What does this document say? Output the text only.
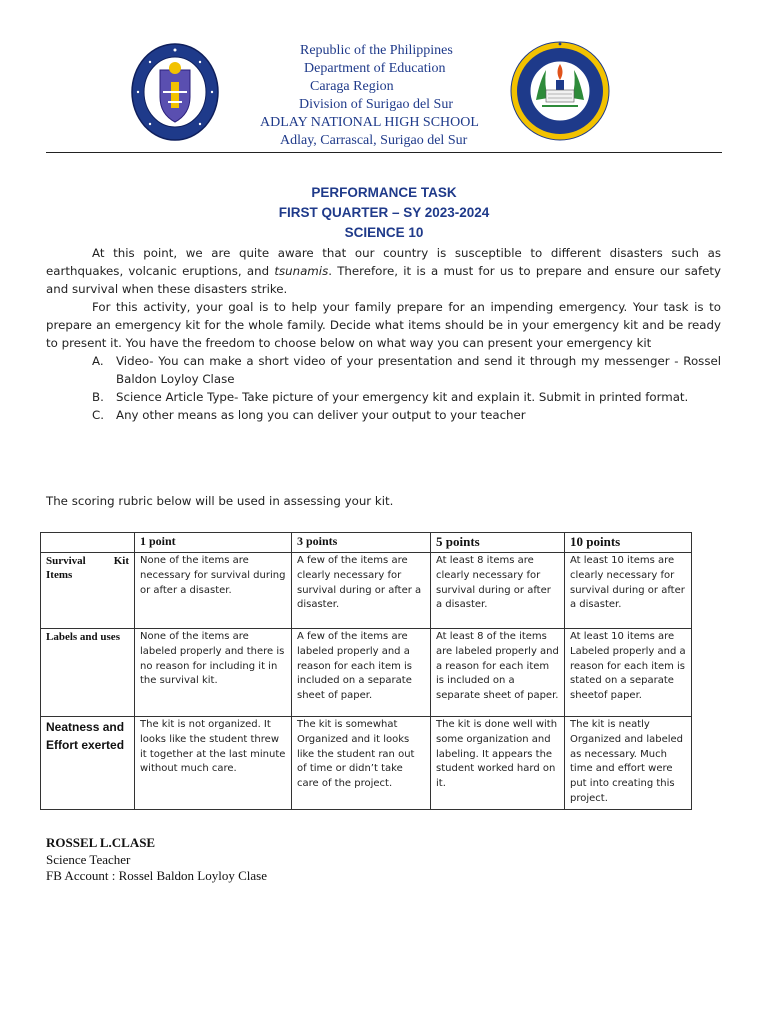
Republic of the Philippines
Department of Education
Caraga Region
Division of Surigao del Sur
ADLAY NATIONAL HIGH SCHOOL
Adlay, Carrascal, Surigao del Sur
PERFORMANCE TASK
FIRST QUARTER – SY 2023-2024
SCIENCE 10

At this point, we are quite aware that our country is susceptible to different disasters such as earthquakes, volcanic eruptions, and tsunamis. Therefore, it is a must for us to prepare and ensure our safety and survival when these disasters strike.

For this activity, your goal is to help your family prepare for an impending emergency. Your task is to prepare an emergency kit for the whole family. Decide what items should be in your emergency kit and be ready to present it. You have the freedom to choose below on what way you can present your emergency kit

A. Video- You can make a short video of your presentation and send it through my messenger - Rossel Baldon Loyloy Clase
B. Science Article Type- Take picture of your emergency kit and explain it. Submit in printed format.
C. Any other means as long you can deliver your output to your teacher
The scoring rubric below will be used in assessing your kit.
	1 point	3 points	5 points	10 points
Survival Kit Items	None of the items are necessary for survival during or after a disaster.	A few of the items are clearly necessary for survival during or after a disaster.	At least 8 items are clearly necessary for survival during or after a disaster.	At least 10 items are clearly necessary for survival during or after a disaster.
Labels and uses	None of the items are labeled properly and there is no reason for including it in the survival kit.	A few of the items are labeled properly and a reason for each item is included on a separate sheet of paper.	At least 8 of the items are labeled properly and a reason for each item is included on a separate sheet of paper.	At least 10 items are Labeled properly and a reason for each item is stated on a separate sheetof paper.
Neatness and Effort exerted	The kit is not organized. It looks like the student threw it together at the last minute without much care.	The kit is somewhat Organized and it looks like the student ran out of time or didn’t take care of the project.	The kit is done well with some organization and labeling. It appears the student worked hard on it.	The kit is neatly Organized and labeled as necessary. Much time and effort were put into creating this project.
ROSSEL L.CLASE
Science Teacher
FB Account : Rossel Baldon Loyloy Clase
